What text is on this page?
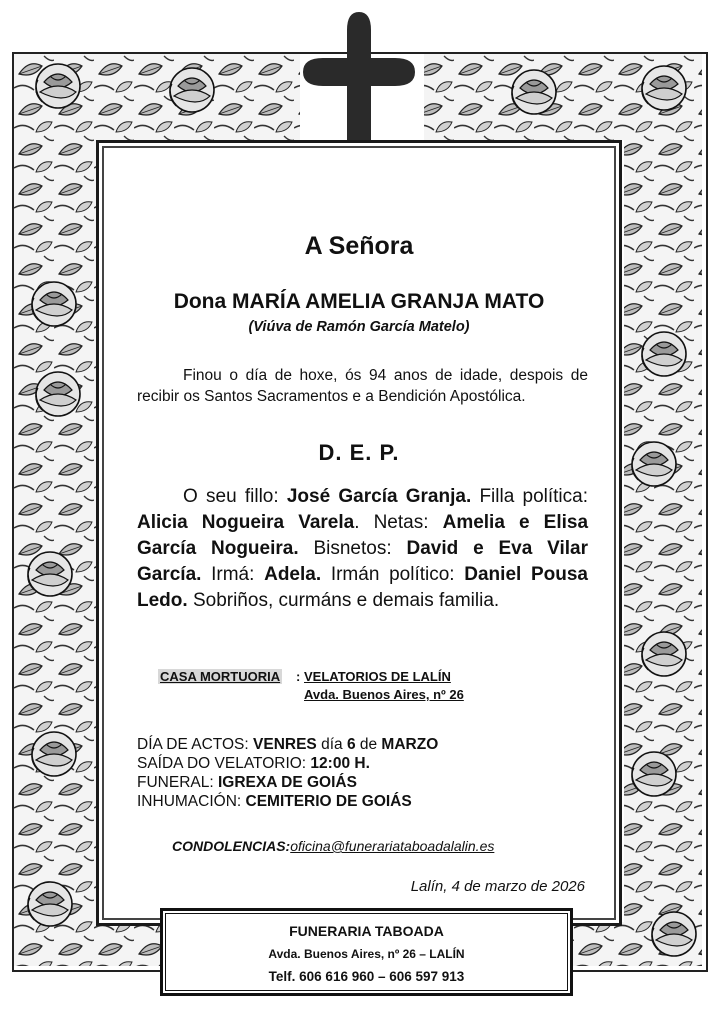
A Señora
Dona MARÍA AMELIA GRANJA MATO
(Viúva de Ramón García Matelo)
Finou o día de hoxe, ós 94 anos de idade, despois de recibir os Santos Sacramentos e a Bendición Apostólica.
D. E. P.
O seu fillo: José García Granja. Filla política: Alicia Nogueira Varela. Netas: Amelia e Elisa García Nogueira. Bisnetos: David e Eva Vilar García. Irmá: Adela. Irmán político: Daniel Pousa Ledo. Sobriños, curmáns e demais familia.
CASA MORTUORIA : VELATORIOS DE LALÍN
Avda. Buenos Aires, nº 26
DÍA DE ACTOS: VENRES día 6 de MARZO
SAÍDA DO VELATORIO: 12:00 H.
FUNERAL: IGREXA DE GOIÁS
INHUMACIÓN: CEMITERIO DE GOIÁS
CONDOLENCIAS:oficina@funerariataboadalalin.es
Lalín, 4 de marzo de 2026
FUNERARIA TABOADA
Avda. Buenos Aires, nº 26 – LALÍN
Telf. 606 616 960 – 606 597 913
